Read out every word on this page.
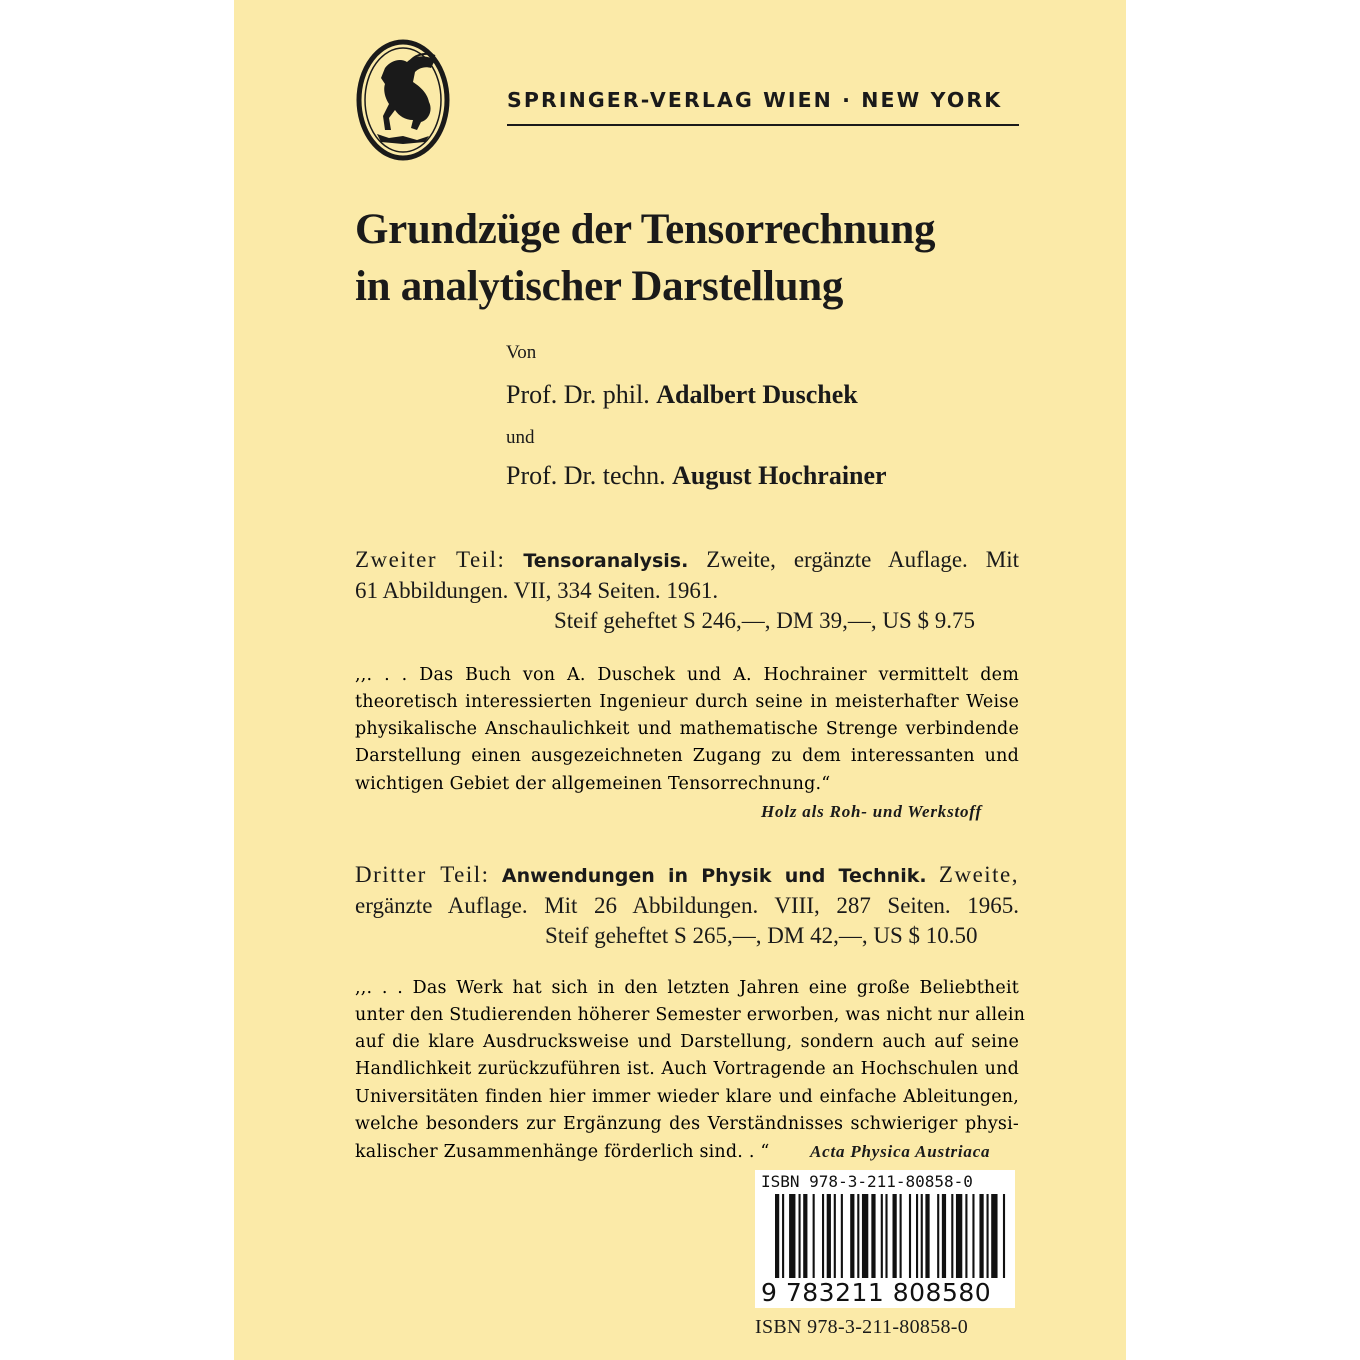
SPRINGER-VERLAG WIEN · NEW YORK
Grundzüge der Tensorrechnung
in analytischer Darstellung
Von
Prof. Dr. phil. Adalbert Duschek
und
Prof. Dr. techn. August Hochrainer
Zweiter Teil: Tensoranalysis. Zweite, ergänzte Auflage. Mit
61 Abbildungen. VII, 334 Seiten. 1961.
Steif geheftet S 246,—, DM 39,—, US $ 9.75
,,. . . Das Buch von A. Duschek und A. Hochrainer vermittelt dem
theoretisch interessierten Ingenieur durch seine in meisterhafter Weise
physikalische Anschaulichkeit und mathematische Strenge verbindende
Darstellung einen ausgezeichneten Zugang zu dem interessanten und
wichtigen Gebiet der allgemeinen Tensorrechnung.“
Holz als Roh- und Werkstoff
Dritter Teil: Anwendungen in Physik und Technik. Zweite,
ergänzte Auflage. Mit 26 Abbildungen. VIII, 287 Seiten. 1965.
Steif geheftet S 265,—, DM 42,—, US $ 10.50
,,. . . Das Werk hat sich in den letzten Jahren eine große Beliebtheit
unter den Studierenden höherer Semester erworben, was nicht nur allein
auf die klare Ausdrucksweise und Darstellung, sondern auch auf seine
Handlichkeit zurückzuführen ist. Auch Vortragende an Hochschulen und
Universitäten finden hier immer wieder klare und einfache Ableitungen,
welche besonders zur Ergänzung des Verständnisses schwieriger physi-
kalischer Zusammenhänge förderlich sind. . “	Acta Physica Austriaca
ISBN 978-3-211-80858-0
9 783211 808580
ISBN 978-3-211-80858-0
